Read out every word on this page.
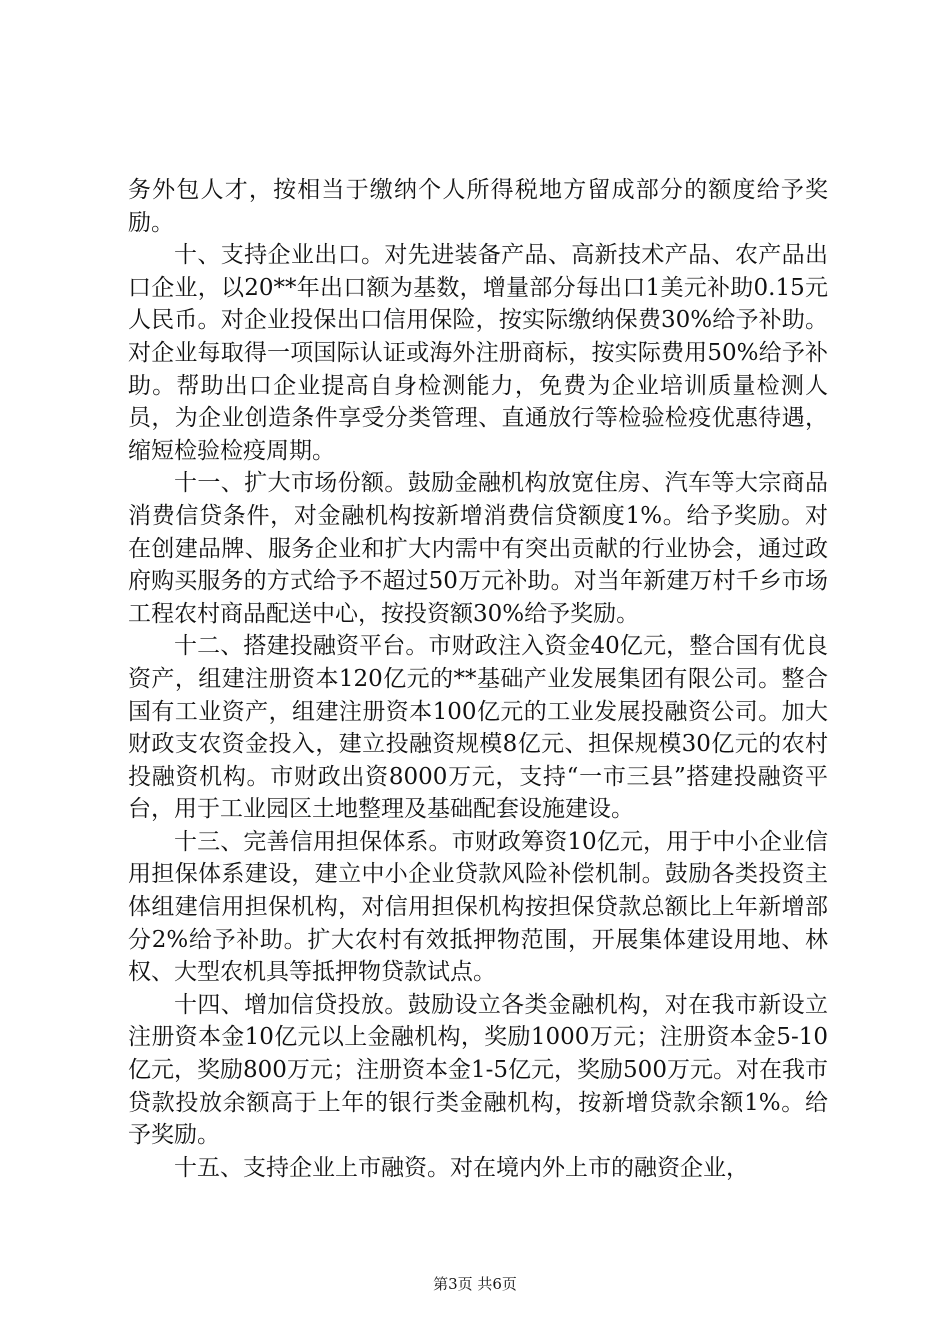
务外包人才，按相当于缴纳个人所得税地方留成部分的额度给予奖励。

十、支持企业出口。对先进装备产品、高新技术产品、农产品出口企业，以20**年出口额为基数，增量部分每出口1美元补助0.15元人民币。对企业投保出口信用保险，按实际缴纳保费30%给予补助。对企业每取得一项国际认证或海外注册商标，按实际费用50%给予补助。帮助出口企业提高自身检测能力，免费为企业培训质量检测人员，为企业创造条件享受分类管理、直通放行等检验检疫优惠待遇，缩短检验检疫周期。

十一、扩大市场份额。鼓励金融机构放宽住房、汽车等大宗商品消费信贷条件，对金融机构按新增消费信贷额度1%。给予奖励。对在创建品牌、服务企业和扩大内需中有突出贡献的行业协会，通过政府购买服务的方式给予不超过50万元补助。对当年新建万村千乡市场工程农村商品配送中心，按投资额30%给予奖励。

十二、搭建投融资平台。市财政注入资金40亿元，整合国有优良资产，组建注册资本120亿元的**基础产业发展集团有限公司。整合国有工业资产，组建注册资本100亿元的工业发展投融资公司。加大财政支农资金投入，建立投融资规模8亿元、担保规模30亿元的农村投融资机构。市财政出资8000万元，支持“一市三县”搭建投融资平台，用于工业园区土地整理及基础配套设施建设。

十三、完善信用担保体系。市财政筹资10亿元，用于中小企业信用担保体系建设，建立中小企业贷款风险补偿机制。鼓励各类投资主体组建信用担保机构，对信用担保机构按担保贷款总额比上年新增部分2%给予补助。扩大农村有效抵押物范围，开展集体建设用地、林权、大型农机具等抵押物贷款试点。

十四、增加信贷投放。鼓励设立各类金融机构，对在我市新设立注册资本金10亿元以上金融机构，奖励1000万元；注册资本金5-10亿元，奖励800万元；注册资本金1-5亿元，奖励500万元。对在我市贷款投放余额高于上年的银行类金融机构，按新增贷款余额1%。给予奖励。

十五、支持企业上市融资。对在境内外上市的融资企业，

第3页 共6页
